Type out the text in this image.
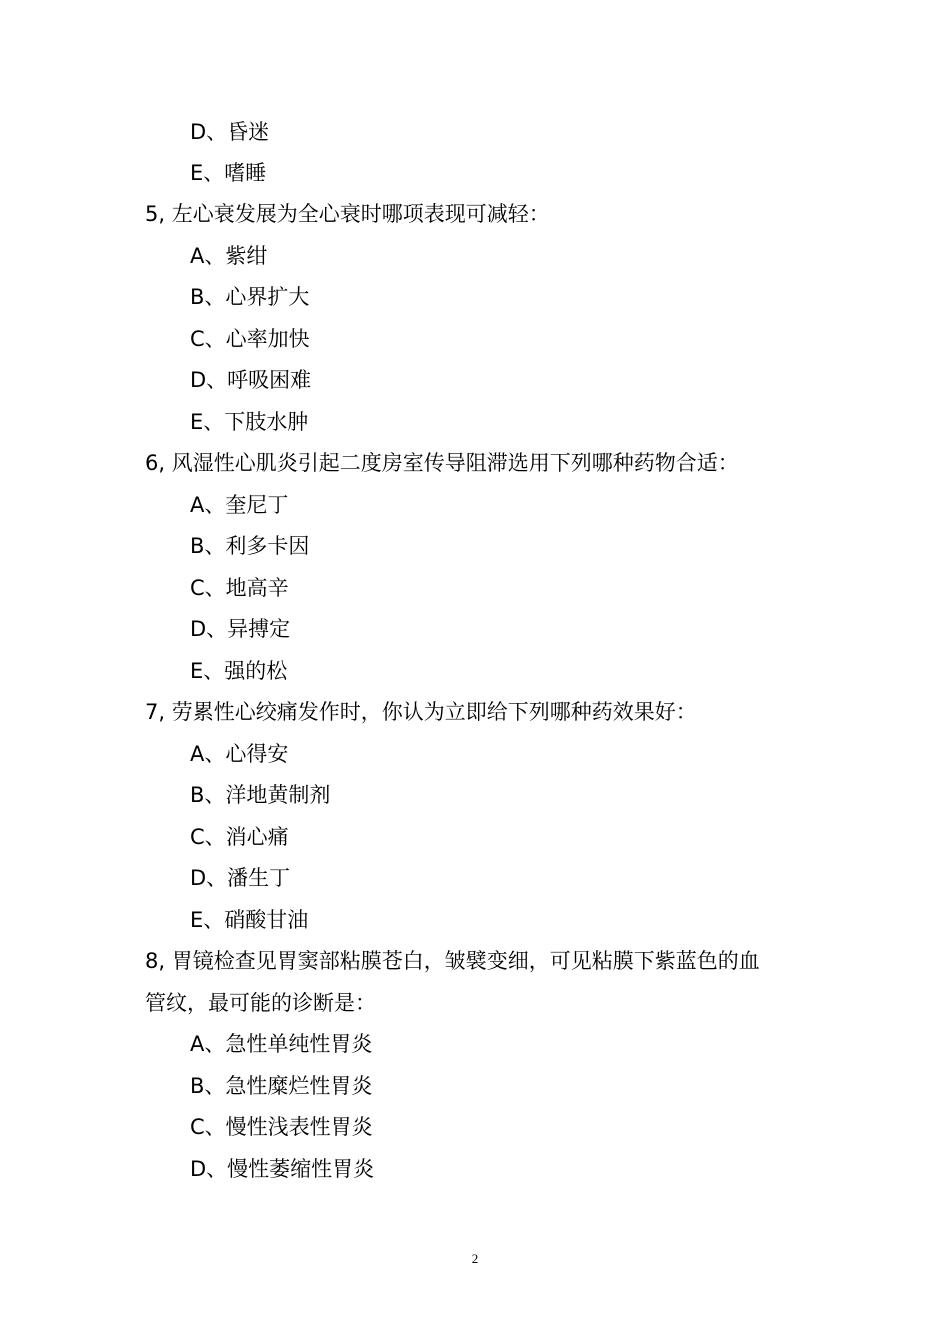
D、昏迷
E、嗜睡
5, 左心衰发展为全心衰时哪项表现可减轻：
A、紫绀
B、心界扩大
C、心率加快
D、呼吸困难
E、下肢水肿
6, 风湿性心肌炎引起二度房室传导阻滞选用下列哪种药物合适：
A、奎尼丁
B、利多卡因
C、地高辛
D、异搏定
E、强的松
7, 劳累性心绞痛发作时，你认为立即给下列哪种药效果好：
A、心得安
B、洋地黄制剂
C、消心痛
D、潘生丁
E、硝酸甘油
8, 胃镜检查见胃窦部粘膜苍白，皱襞变细，可见粘膜下紫蓝色的血
管纹，最可能的诊断是：
A、急性单纯性胃炎
B、急性糜烂性胃炎
C、慢性浅表性胃炎
D、慢性萎缩性胃炎
2
